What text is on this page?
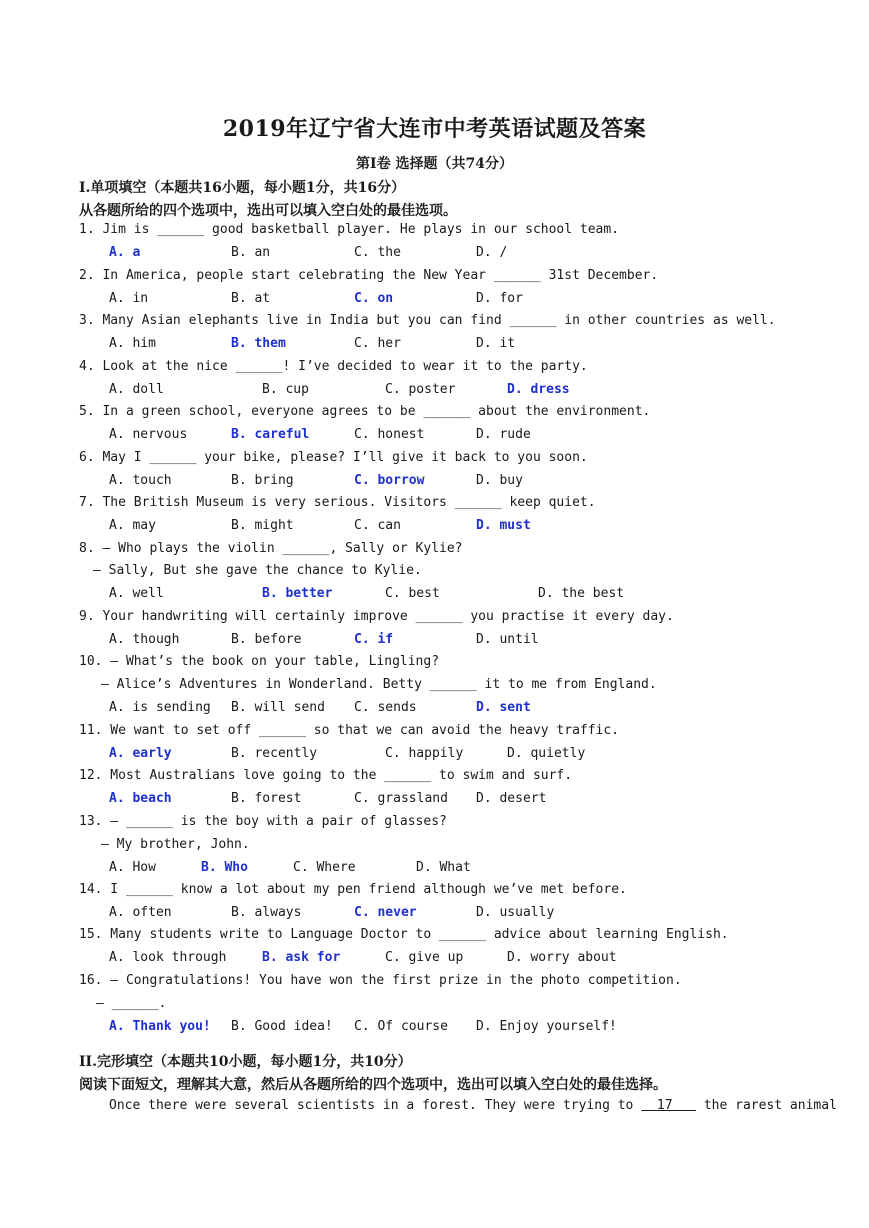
2019年辽宁省大连市中考英语试题及答案
第Ⅰ卷 选择题（共74分）
I.单项填空（本题共16小题，每小题1分，共16分）
从各题所给的四个选项中，选出可以填入空白处的最佳选项。
1. Jim is ______ good basketball player. He plays in our school team.
A. a	B. an	C. the	D. /
2. In America, people start celebrating the New Year ______ 31st December.
A. in	B. at	C. on	D. for
3. Many Asian elephants live in India but you can find ______ in other countries as well.
A. him	B. them	C. her	D. it
4. Look at the nice ______! I’ve decided to wear it to the party.
A. doll	B. cup	C. poster	D. dress
5. In a green school, everyone agrees to be ______ about the environment.
A. nervous	B. careful	C. honest	D. rude
6. May I ______ your bike, please? I’ll give it back to you soon.
A. touch	B. bring	C. borrow	D. buy
7. The British Museum is very serious. Visitors ______ keep quiet.
A. may	B. might	C. can	D. must
8. — Who plays the violin ______, Sally or Kylie?
— Sally, But she gave the chance to Kylie.
A. well	B. better	C. best	D. the best
9. Your handwriting will certainly improve ______ you practise it every day.
A. though	B. before	C. if	D. until
10. — What’s the book on your table, Lingling?
— Alice’s Adventures in Wonderland. Betty ______ it to me from England.
A. is sending B. will send C. sends	D. sent
11. We want to set off ______ so that we can avoid the heavy traffic.
A. early	B. recently	C. happily	D. quietly
12. Most Australians love going to the ______ to swim and surf.
A. beach	B. forest	C. grassland D. desert
13. — ______ is the boy with a pair of glasses?
— My brother, John.
A. How	B. Who	C. Where	D. What
14. I ______ know a lot about my pen friend although we’ve met before.
A. often	B. always	C. never	D. usually
15. Many students write to Language Doctor to ______ advice about learning English.
A. look through	B. ask for	C. give up	D. worry about
16. — Congratulations! You have won the first prize in the photo competition.
— ______.
A. Thank you! B. Good idea! C. Of course D. Enjoy yourself!
II.完形填空（本题共10小题，每小题1分，共10分）
阅读下面短文，理解其大意，然后从各题所给的四个选项中，选出可以填入空白处的最佳选择。
Once there were several scientists in a forest. They were trying to 17 the rarest animal
